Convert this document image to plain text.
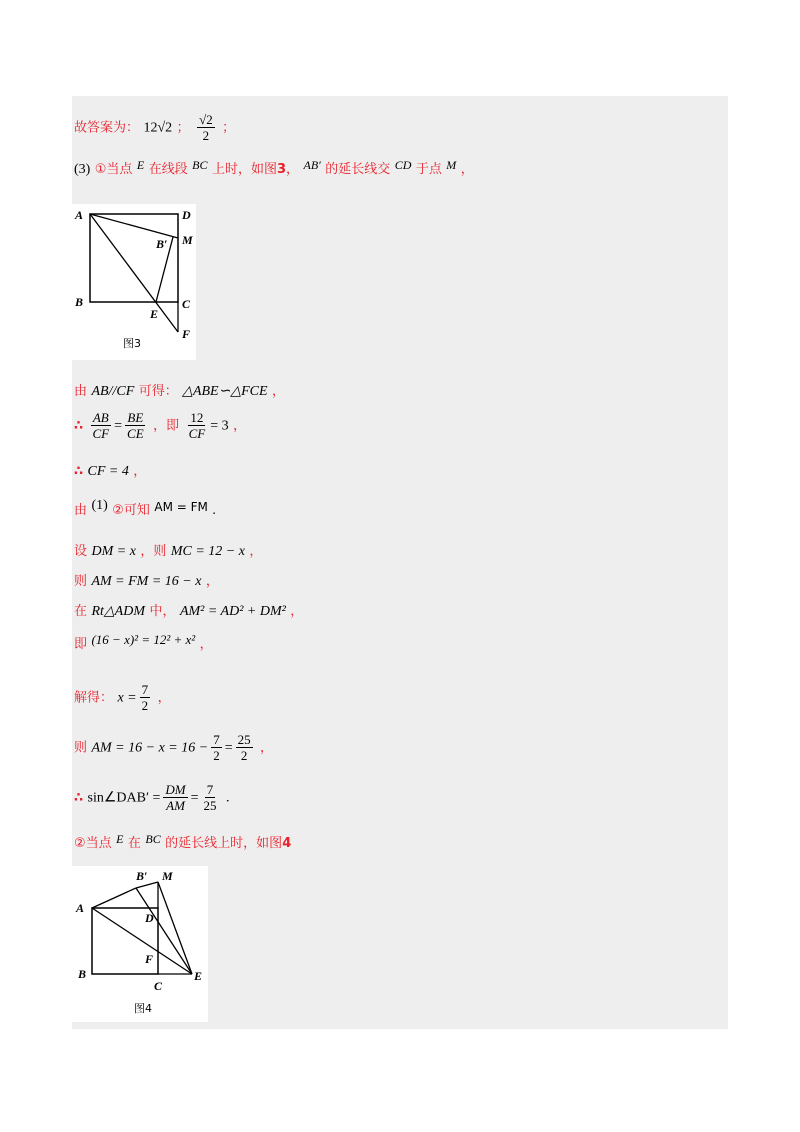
故答案为： 12√2 ； $\frac{√2}{2}$ ；
(3) ①当点 E 在线段 BC 上时，如图3， AB′ 的延长线交 CD 于点 M ，
A	D
B′ M
B
E
C
F
图3
由 AB//CF 可得： △ABE∽△FCE ，
∴ $\frac{AB}{CF} = \frac{BE}{CE}$ ，即 $\frac{12}{CF} = 3$ ，
∴ CF = 4 ，
由 (1) ②可知 AM = FM .
设 DM = x ，则 MC = 12 − x ，
则 AM = FM = 16 − x ，
在 Rt△ADM 中， AM² = AD² + DM² ，
即 (16 − x)² = 12² + x² ，
解得： $x = \frac{7}{2}$ ，
则 AM = $16 - x = 16 - \frac{7}{2} = \frac{25}{2}$ ，
∴ sin∠DAB′ = $\frac{DM}{AM} = \frac{7}{25}$ .
②当点 E 在 BC 的延长线上时，如图4
B′ M
A
D
F
B
C
E
图4
